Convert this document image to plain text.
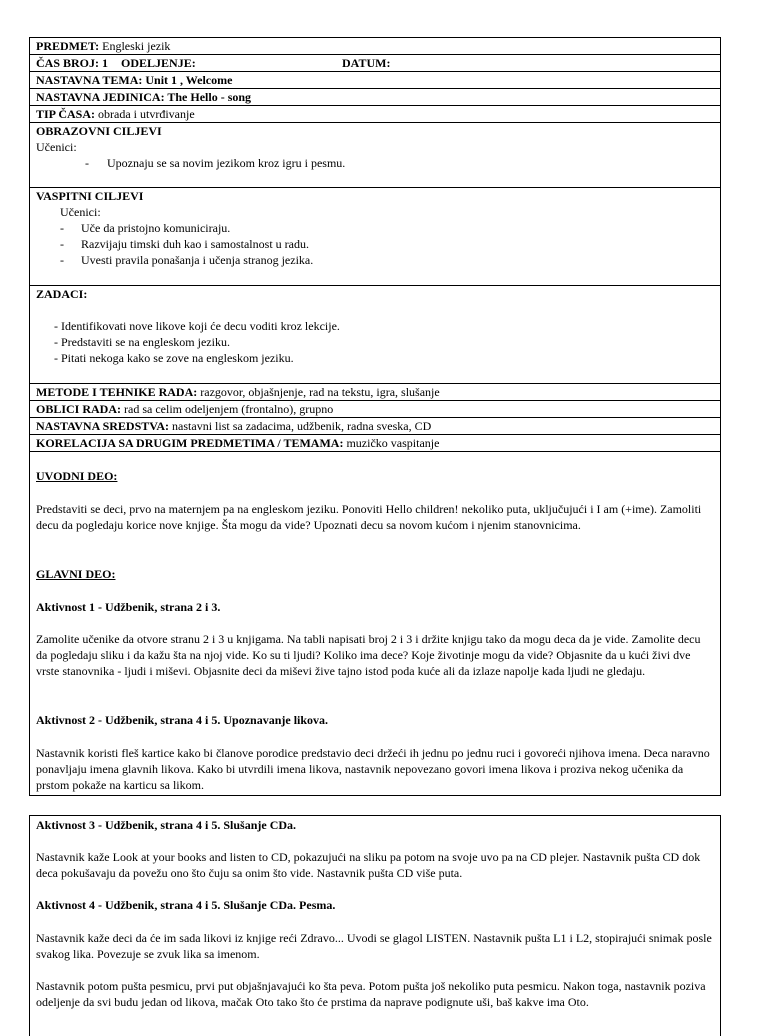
PREDMET: Engleski jezik
ČAS BROJ: 1 ODELJENJE:	DATUM:
NASTAVNA TEMA: Unit 1 , Welcome
NASTAVNA JEDINICA: The Hello - song
TIP ČASA: obrada i utvrđivanje
OBRAZOVNI CILJEVI
Učenici:
- Upoznaju se sa novim jezikom kroz igru i pesmu.
VASPITNI CILJEVI
Učenici:
- Uče da pristojno komuniciraju.
- Razvijaju timski duh kao i samostalnost u radu.
- Uvesti pravila ponašanja i učenja stranog jezika.
ZADACI:
- Identifikovati nove likove koji će decu voditi kroz lekcije.
- Predstaviti se na engleskom jeziku.
- Pitati nekoga kako se zove na engleskom jeziku.
METODE I TEHNIKE RADA: razgovor, objašnjenje, rad na tekstu, igra, slušanje
OBLICI RADA: rad sa celim odeljenjem (frontalno), grupno
NASTAVNA SREDSTVA: nastavni list sa zadacima, udžbenik, radna sveska, CD
KORELACIJA SA DRUGIM PREDMETIMA / TEMAMA: muzičko vaspitanje
UVODNI DEO:

Predstaviti se deci, prvo na maternjem pa na engleskom jeziku. Ponoviti Hello children! nekoliko puta, uključujući i I am (+ime). Zamoliti decu da pogledaju korice nove knjige. Šta mogu da vide? Upoznati decu sa novom kućom i njenim stanovnicima.

GLAVNI DEO:
Aktivnost 1 - Udžbenik, strana 2 i 3.

Zamolite učenike da otvore stranu 2 i 3 u knjigama. Na tabli napisati broj 2 i 3 i držite knjigu tako da mogu deca da je vide. Zamolite decu da pogledaju sliku i da kažu šta na njoj vide. Ko su ti ljudi? Koliko ima dece? Koje životinje mogu da vide? Objasnite da u kući živi dve vrste stanovnika - ljudi i miševi. Objasnite deci da miševi žive tajno istod poda kuće ali da izlaze napolje kada ljudi ne gledaju.

Aktivnost 2 - Udžbenik, strana 4 i 5. Upoznavanje likova.

Nastavnik koristi fleš kartice kako bi članove porodice predstavio deci držeći ih jednu po jednu ruci i govoreći njihova imena. Deca naravno ponavljaju imena glavnih likova. Kako bi utvrdili imena likova, nastavnik nepovezano govori imena likova i proziva nekog učenika da prstom pokaže na karticu sa likom.

Aktivnost 3 - Udžbenik, strana 4 i 5. Slušanje CDa.

Nastavnik kaže Look at your books and listen to CD, pokazujući na sliku pa potom na svoje uvo pa na CD plejer. Nastavnik pušta CD dok deca pokušavaju da povežu ono što čuju sa onim što vide. Nastavnik pušta CD više puta.

Aktivnost 4 - Udžbenik, strana 4 i 5. Slušanje CDa. Pesma.

Nastavnik kaže deci da će im sada likovi iz knjige reći Zdravo... Uvodi se glagol LISTEN. Nastavnik pušta L1 i L2, stopirajući snimak posle svakog lika. Povezuje se zvuk lika sa imenom.

Nastavnik potom pušta pesmicu, prvi put objašnjavajući ko šta peva. Potom pušta još nekoliko puta pesmicu. Nakon toga, nastavnik poziva odeljenje da svi budu jedan od likova, mačak Oto tako što će prstima da naprave podignute uši, baš kakve ima Oto.
